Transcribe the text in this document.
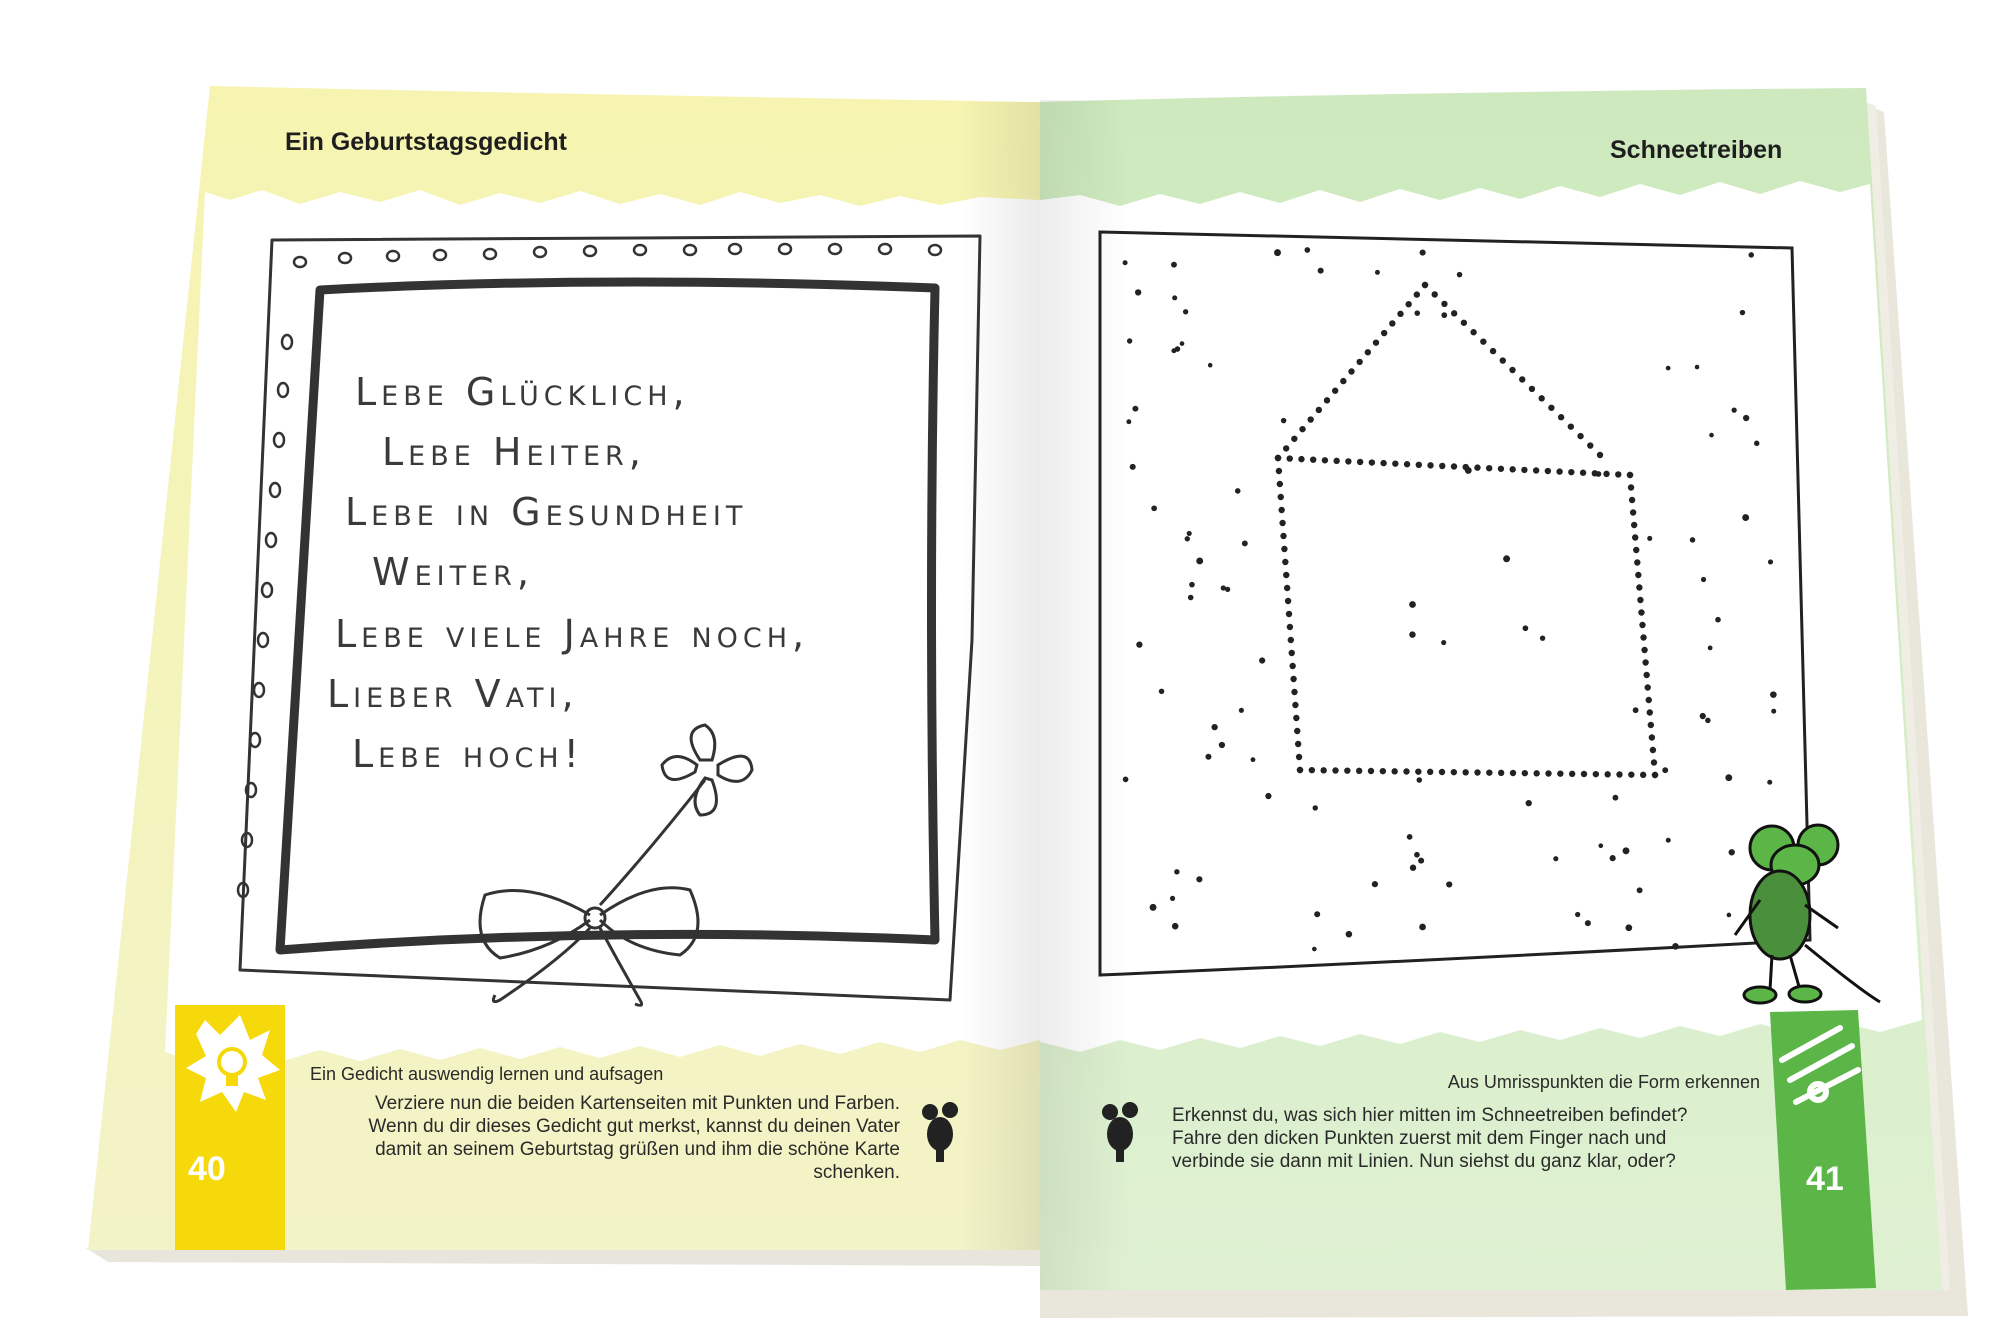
Ein Geburtstagsgedicht	Schneetreiben
Lebe Glücklich,
Lebe Heiter,
Lebe in Gesundheit
Weiter,
Lebe viele Jahre noch,
Lieber Vati,
Lebe hoch!
Ein Gedicht auswendig lernen und aufsagen
Verziere nun die beiden Kartenseiten mit Punkten und Farben.
Wenn du dir dieses Gedicht gut merkst, kannst du deinen Vater
damit an seinem Geburtstag grüßen und ihm die schöne Karte
schenken.
40
Aus Umrisspunkten die Form erkennen
Erkennst du, was sich hier mitten im Schneetreiben befindet?
Fahre den dicken Punkten zuerst mit dem Finger nach und
verbinde sie dann mit Linien. Nun siehst du ganz klar, oder?	41
